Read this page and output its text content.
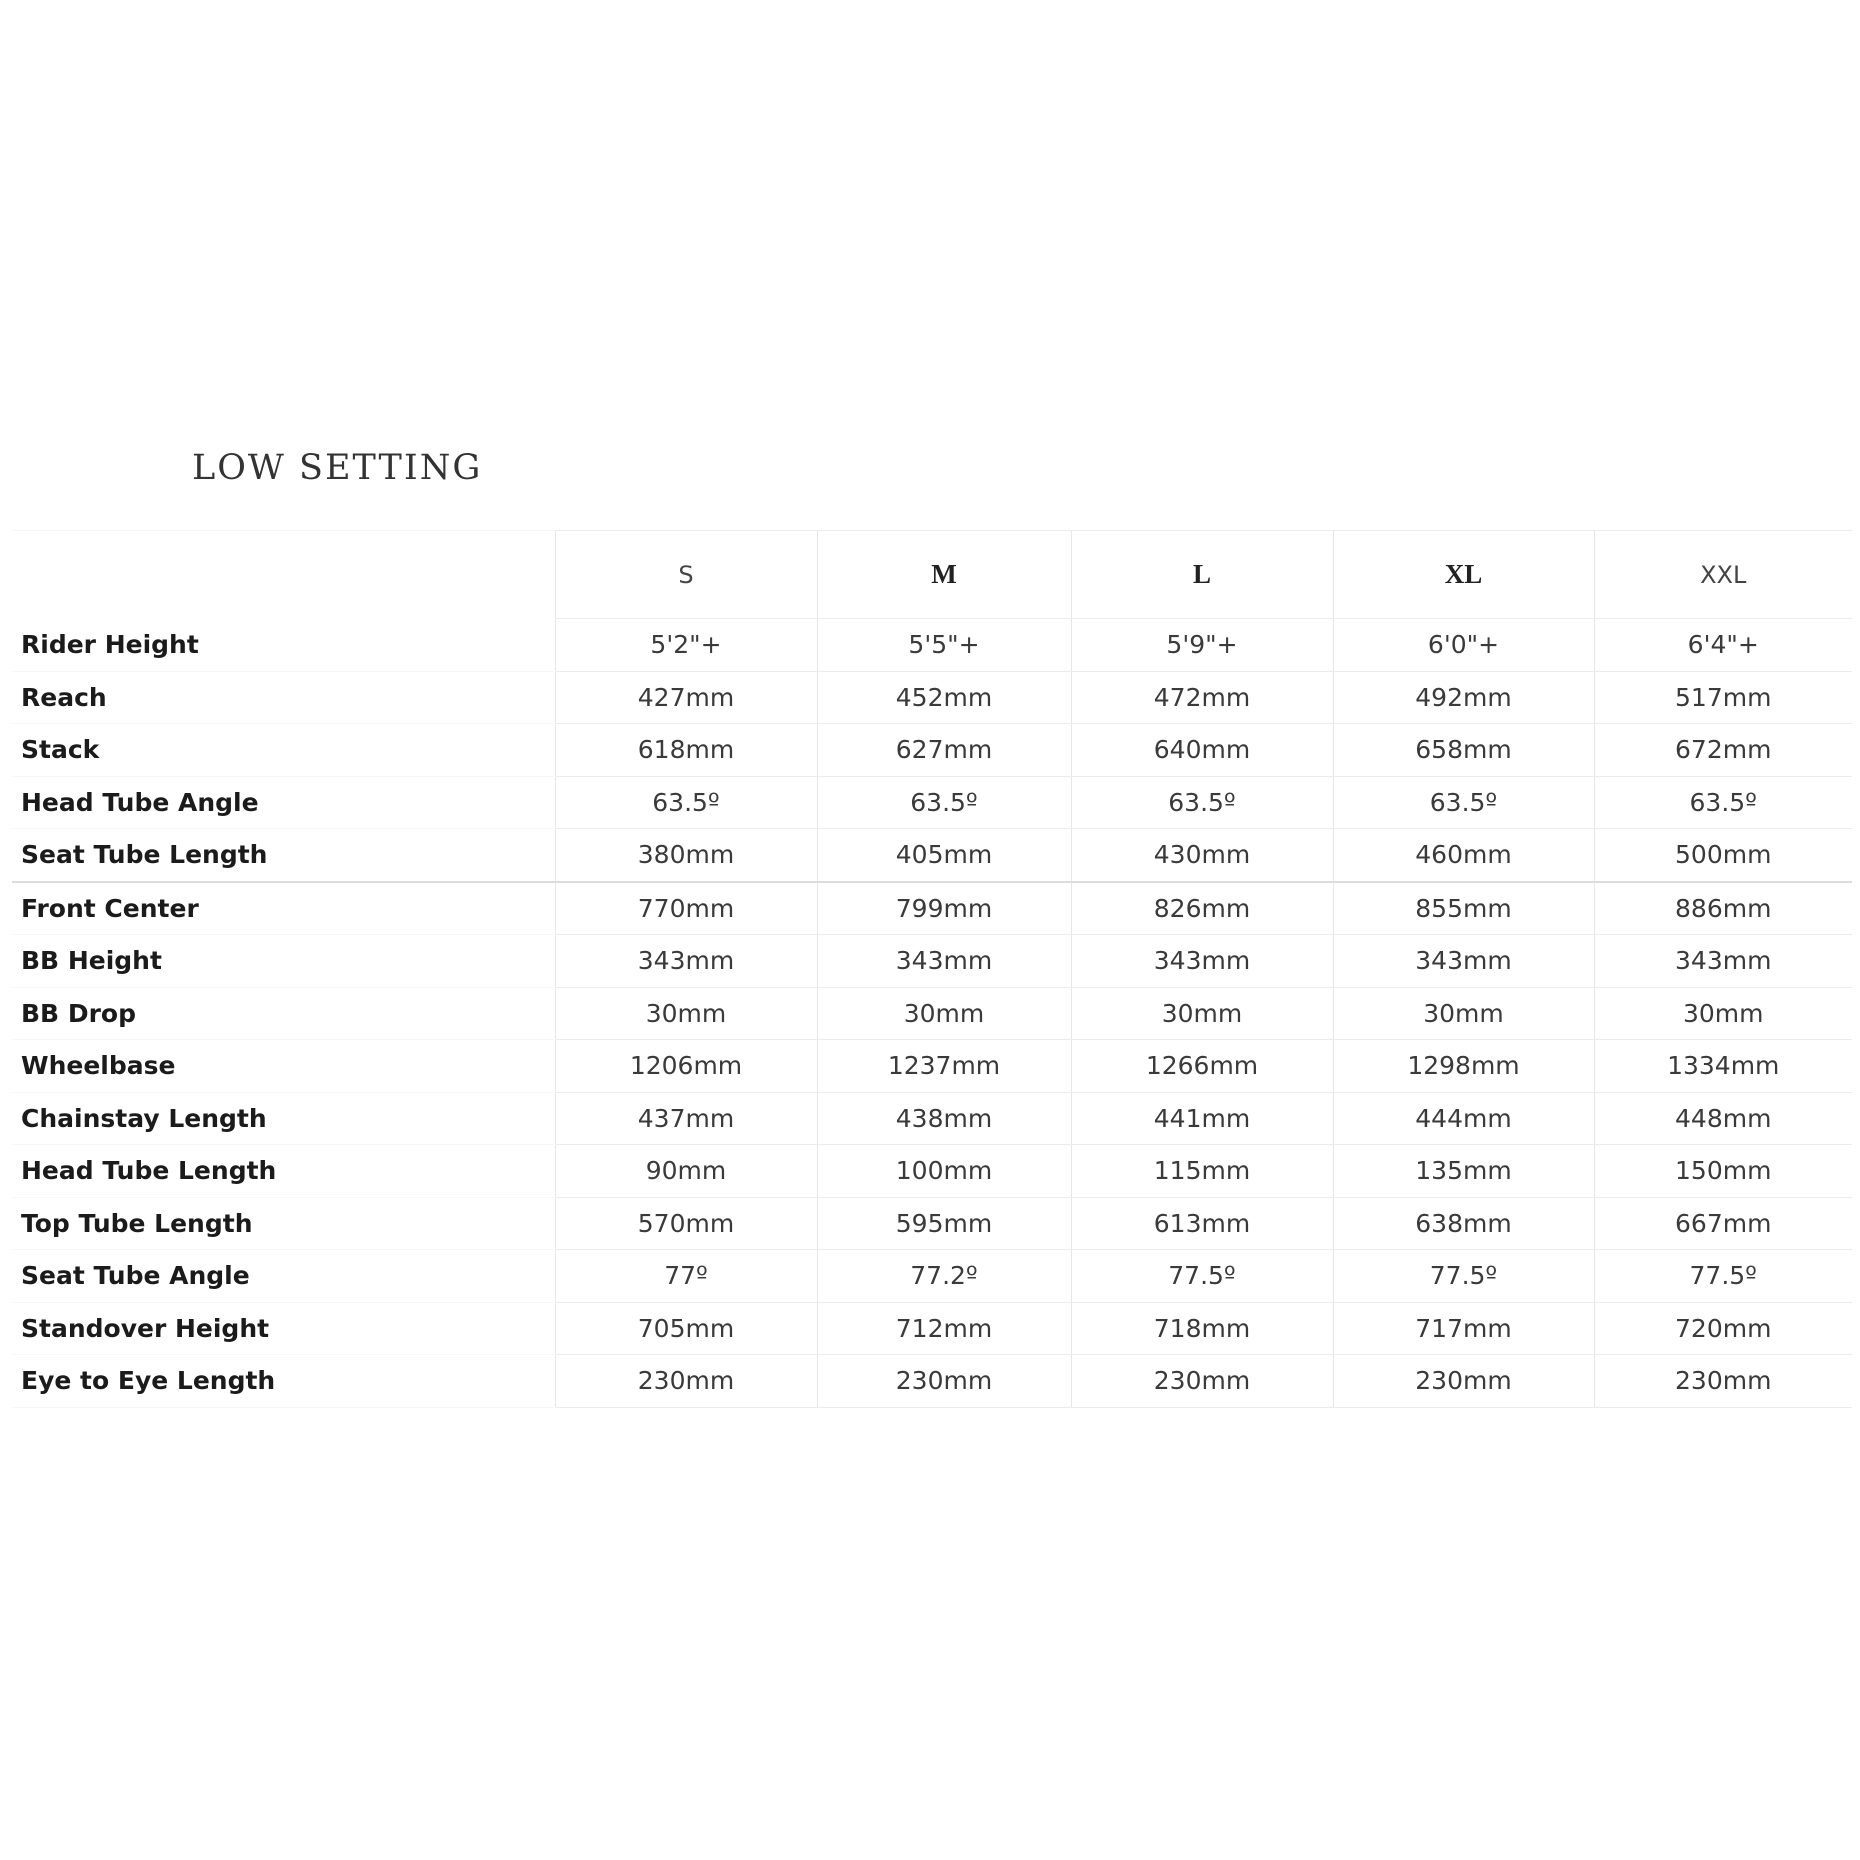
LOW SETTING
	S	M	L	XL	XXL
Rider Height	5'2"+	5'5"+	5'9"+	6'0"+	6'4"+
Reach	427mm	452mm	472mm	492mm	517mm
Stack	618mm	627mm	640mm	658mm	672mm
Head Tube Angle	63.5º	63.5º	63.5º	63.5º	63.5º
Seat Tube Length	380mm	405mm	430mm	460mm	500mm
Front Center	770mm	799mm	826mm	855mm	886mm
BB Height	343mm	343mm	343mm	343mm	343mm
BB Drop	30mm	30mm	30mm	30mm	30mm
Wheelbase	1206mm	1237mm	1266mm	1298mm	1334mm
Chainstay Length	437mm	438mm	441mm	444mm	448mm
Head Tube Length	90mm	100mm	115mm	135mm	150mm
Top Tube Length	570mm	595mm	613mm	638mm	667mm
Seat Tube Angle	77º	77.2º	77.5º	77.5º	77.5º
Standover Height	705mm	712mm	718mm	717mm	720mm
Eye to Eye Length	230mm	230mm	230mm	230mm	230mm
